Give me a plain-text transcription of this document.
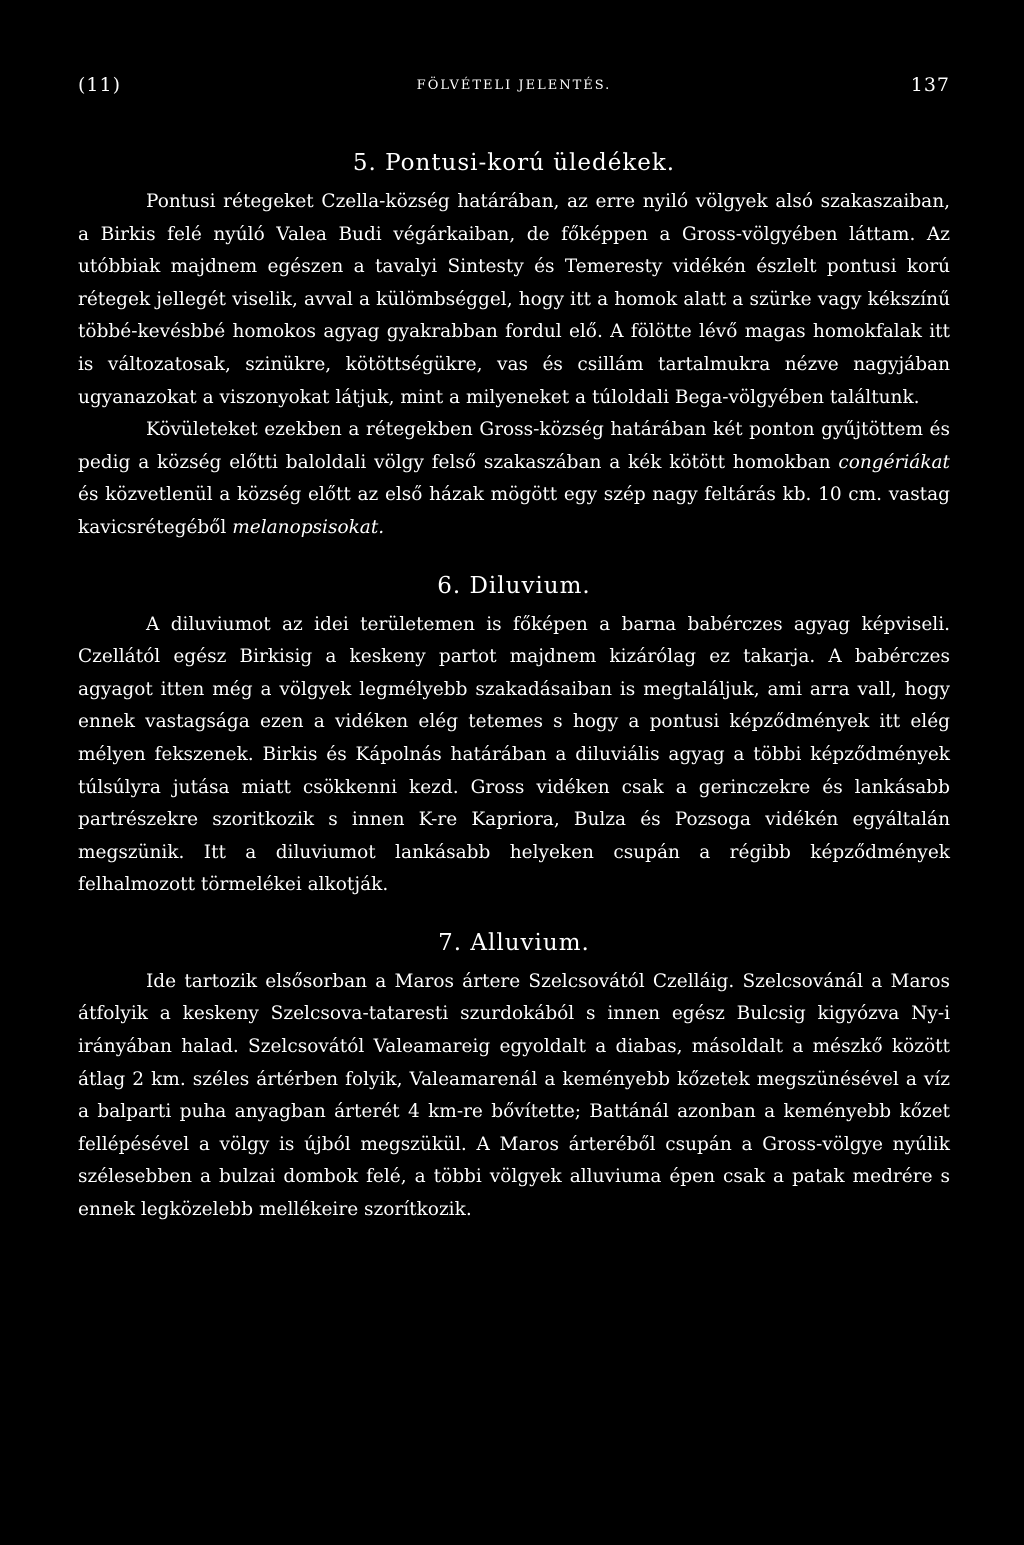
(11)	FÖLVÉTELI JELENTÉS.	137
5. Pontusi-korú üledékek.

Pontusi rétegeket Czella-község határában, az erre nyiló völgyek alsó szakaszaiban, a Birkis felé nyúló Valea Budi végárkaiban, de főképpen a Gross-völgyében láttam. Az utóbbiak majdnem egészen a tavalyi Sintesty és Temeresty vidékén észlelt pontusi korú rétegek jellegét viselik, avval a külömbséggel, hogy itt a homok alatt a szürke vagy kékszínű többé-kevésbbé homokos agyag gyakrabban fordul elő. A fölötte lévő magas homokfalak itt is változatosak, szinükre, kötöttségükre, vas és csillám tartalmukra nézve nagyjában ugyanazokat a viszonyokat látjuk, mint a milyeneket a túloldali Bega-völgyében találtunk.

Kövületeket ezekben a rétegekben Gross-község határában két ponton gyűjtöttem és pedig a község előtti baloldali völgy felső szakaszában a kék kötött homokban congériákat és közvetlenül a község előtt az első házak mögött egy szép nagy feltárás kb. 10 cm. vastag kavicsrétegéből melanopsisokat.

6. Diluvium.

A diluviumot az idei területemen is főképen a barna babérczes agyag képviseli. Czellától egész Birkisig a keskeny partot majdnem kizárólag ez takarja. A babérczes agyagot itten még a völgyek legmélyebb szakadásaiban is megtaláljuk, ami arra vall, hogy ennek vastagsága ezen a vidéken elég tetemes s hogy a pontusi képződmények itt elég mélyen fekszenek. Birkis és Kápolnás határában a diluviális agyag a többi képződmények túlsúlyra jutása miatt csökkenni kezd. Gross vidéken csak a gerinczekre és lankásabb partrészekre szoritkozik s innen K-re Kapriora, Bulza és Pozsoga vidékén egyáltalán megszünik. Itt a diluviumot lankásabb helyeken csupán a régibb képződmények felhalmozott törmelékei alkotják.

7. Alluvium.

Ide tartozik elsősorban a Maros ártere Szelcsovától Czelláig. Szelcsovánál a Maros átfolyik a keskeny Szelcsova-tataresti szurdokából s innen egész Bulcsig kigyózva Ny-i irányában halad. Szelcsovától Valeamareig egyoldalt a diabas, másoldalt a mészkő között átlag 2 km. széles ártérben folyik, Valeamarenál a keményebb kőzetek megszünésével a víz a balparti puha anyagban árterét 4 km-re bővítette; Battánál azonban a keményebb kőzet fellépésével a völgy is újból megszükül. A Maros árteréből csupán a Gross-völgye nyúlik szélesebben a bulzai dombok felé, a többi völgyek alluviuma épen csak a patak medrére s ennek legközelebb mellékeire szorítkozik.
